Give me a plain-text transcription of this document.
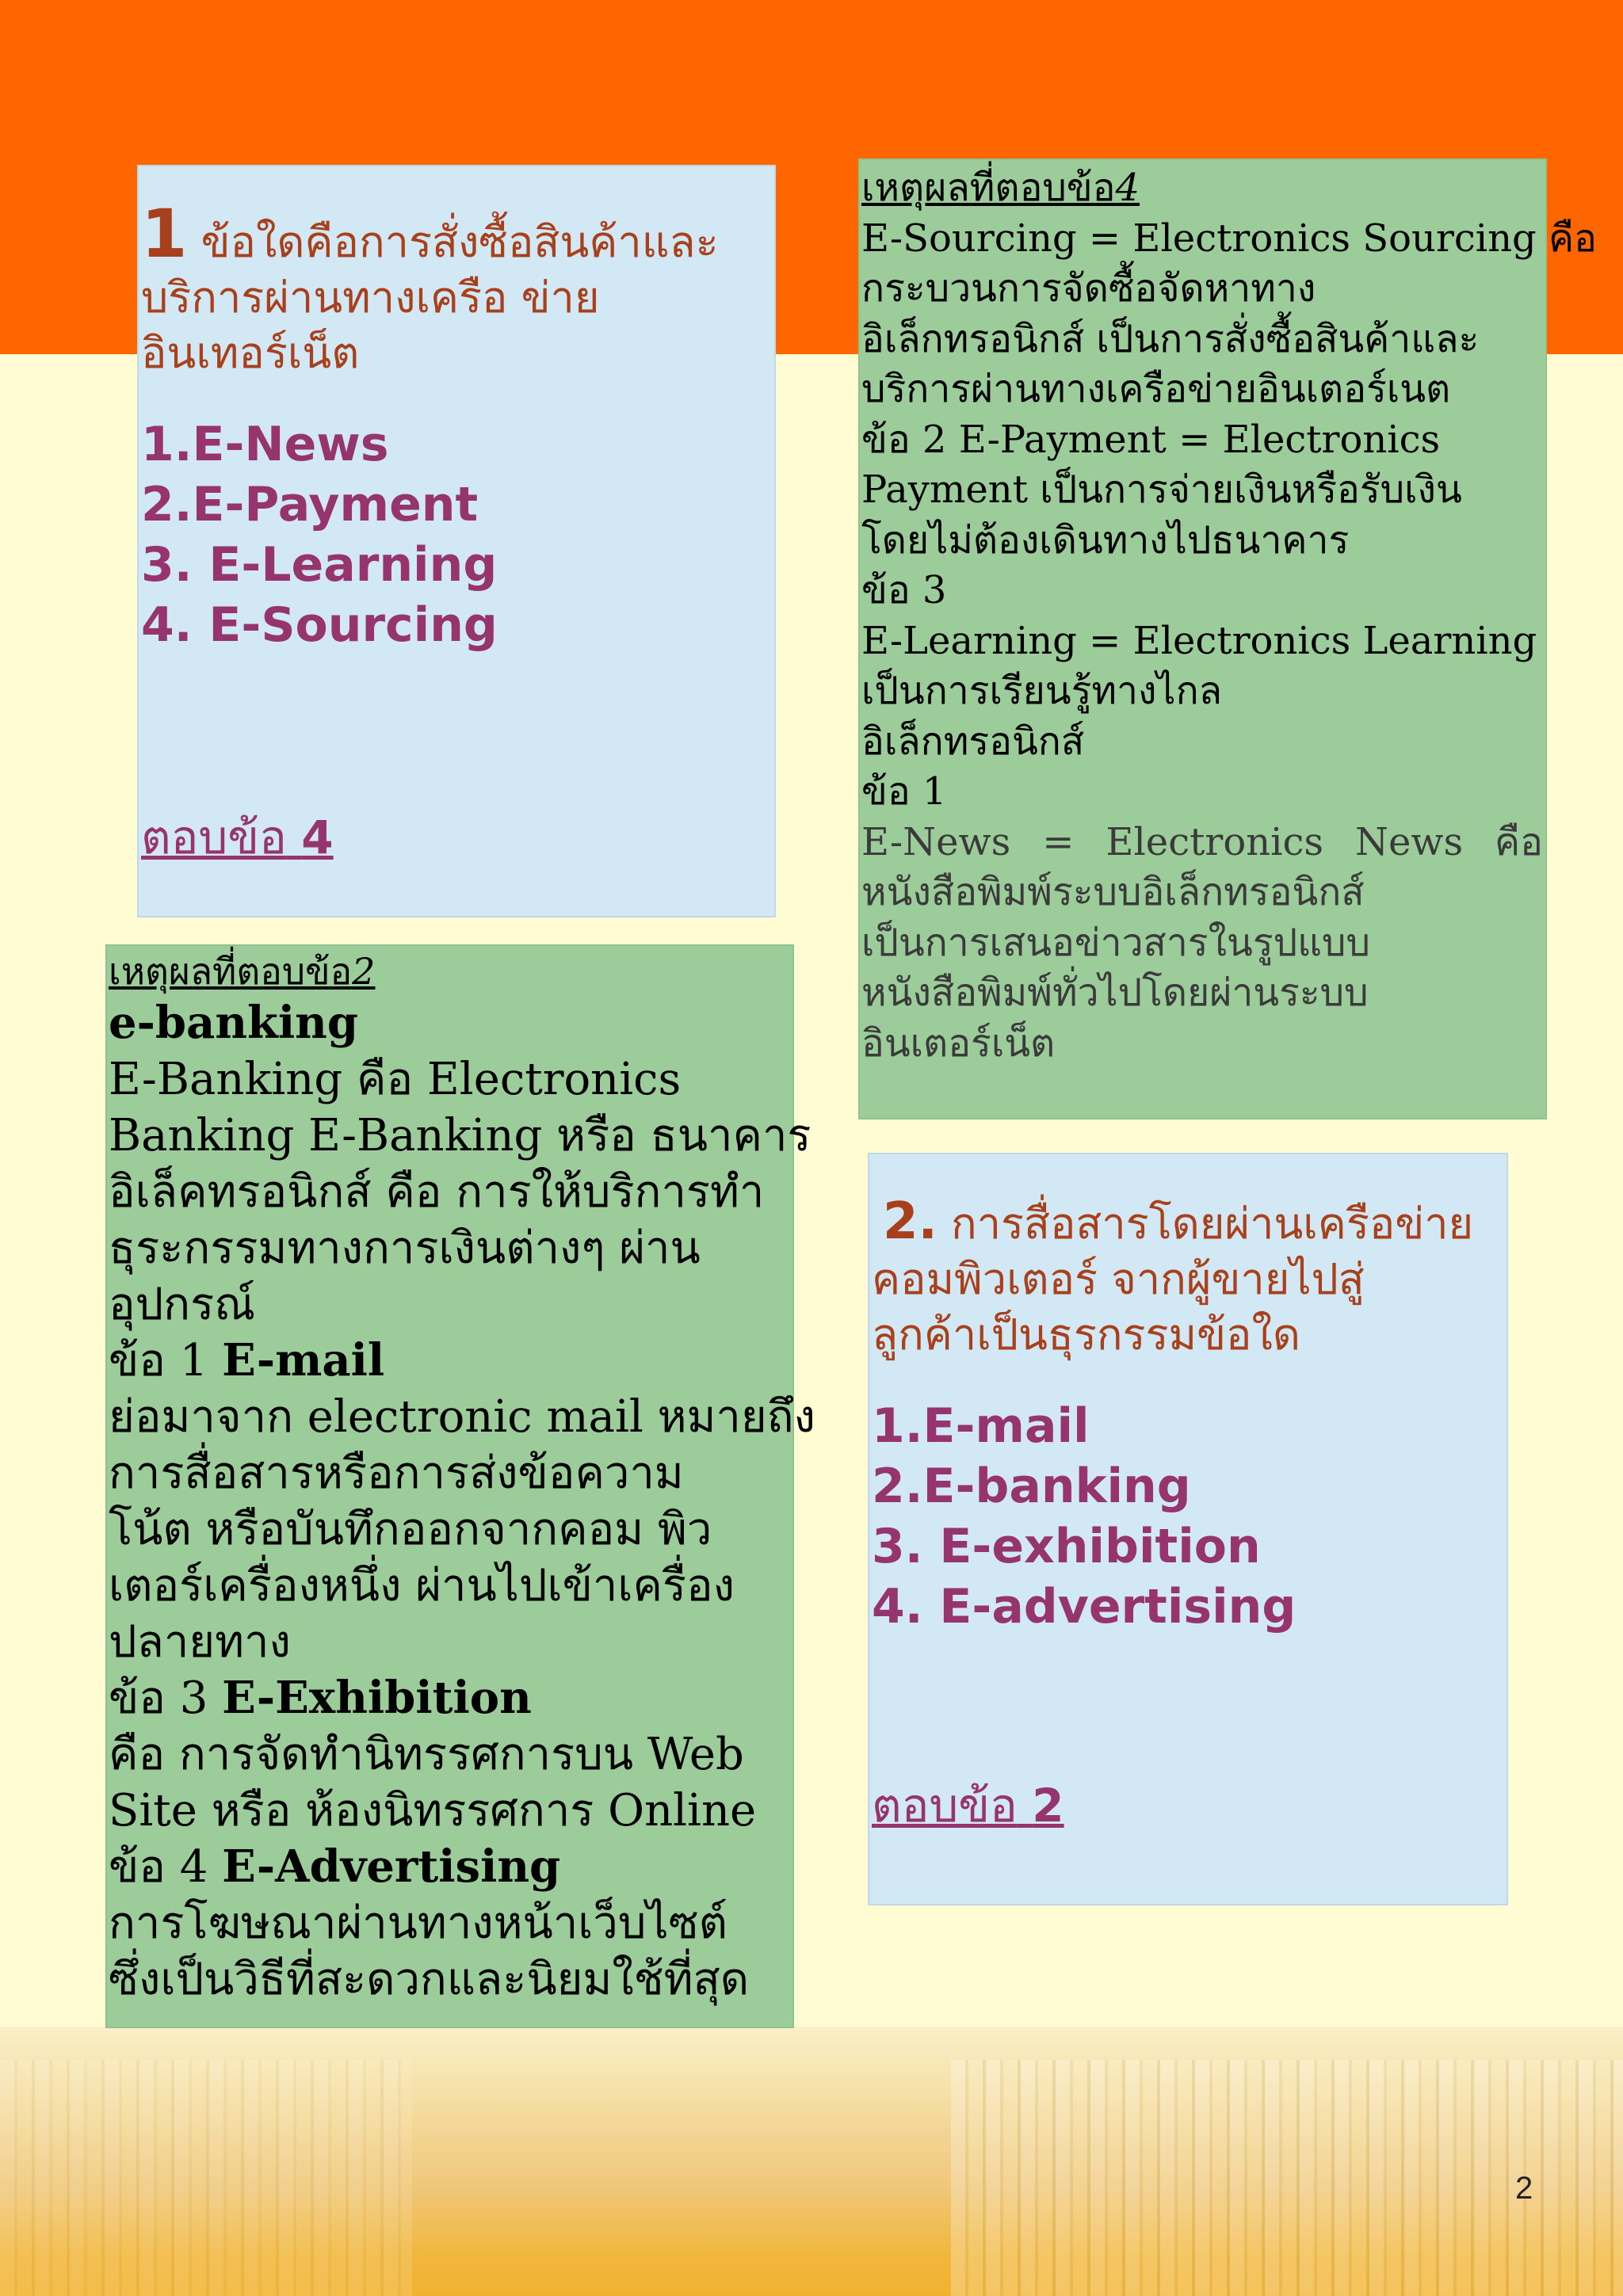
1 ข้อใดคือการสั่งซื้อสินค้าและ
บริการผ่านทางเครือ ข่าย
อินเทอร์เน็ต
1.E-News
2.E-Payment
3. E-Learning
4. E-Sourcing
ตอบข้อ 4
เหตุผลที่ตอบข้อ4
E-Sourcing = Electronics Sourcing คือ
กระบวนการจัดซื้อจัดหาทาง
อิเล็กทรอนิกส์ เป็นการสั่งซื้อสินค้าและ
บริการผ่านทางเครือข่ายอินเตอร์เนต
ข้อ 2 E-Payment = Electronics
Payment เป็นการจ่ายเงินหรือรับเงิน
โดยไม่ต้องเดินทางไปธนาคาร
ข้อ 3
E-Learning = Electronics Learning
เป็นการเรียนรู้ทางไกล
อิเล็กทรอนิกส์
ข้อ 1
E-News = Electronics News คือ
หนังสือพิมพ์ระบบอิเล็กทรอนิกส์
เป็นการเสนอข่าวสารในรูปแบบ
หนังสือพิมพ์ทั่วไปโดยผ่านระบบ
อินเตอร์เน็ต
เหตุผลที่ตอบข้อ2
e-banking
E-Banking คือ Electronics
Banking E-Banking หรือ ธนาคาร
อิเล็คทรอนิกส์ คือ การให้บริการทำ
ธุระกรรมทางการเงินต่างๆ ผ่าน
อุปกรณ์
ข้อ 1 E-mail
ย่อมาจาก electronic mail หมายถึง
การสื่อสารหรือการส่งข้อความ
โน้ต หรือบันทึกออกจากคอม พิว
เตอร์เครื่องหนึ่ง ผ่านไปเข้าเครื่อง
ปลายทาง
ข้อ 3 E-Exhibition
คือ การจัดทำนิทรรศการบน Web
Site หรือ ห้องนิทรรศการ Online
ข้อ 4 E-Advertising
การโฆษณาผ่านทางหน้าเว็บไซต์
ซึ่งเป็นวิธีที่สะดวกและนิยมใช้ที่สุด
2. การสื่อสารโดยผ่านเครือข่าย
คอมพิวเตอร์ จากผู้ขายไปสู่
ลูกค้าเป็นธุรกรรมข้อใด
1.E-mail
2.E-banking
3. E-exhibition
4. E-advertising
ตอบข้อ 2
2
